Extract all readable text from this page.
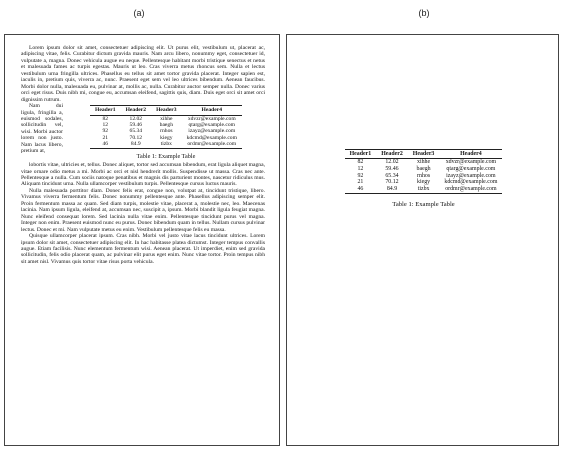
(a)	(b)

Lorem ipsum dolor sit amet, consectetuer adipiscing elit. Ut purus elit, vestibulum ut, placerat ac, adipiscing vitae, felis. Curabitur dictum gravida mauris. Nam arcu libero, nonummy eget, consectetuer id, vulputate a, magna. Donec vehicula augue eu neque. Pellentesque habitant morbi tristique senectus et netus et malesuada fames ac turpis egestas. Mauris ut leo. Cras viverra metus rhoncus sem. Nulla et lectus vestibulum urna fringilla ultrices. Phasellus eu tellus sit amet tortor gravida placerat. Integer sapien est, iaculis in, pretium quis, viverra ac, nunc. Praesent eget sem vel leo ultrices bibendum. Aenean faucibus. Morbi dolor nulla, malesuada eu, pulvinar at, mollis ac, nulla. Curabitur auctor semper nulla. Donec varius orci eget risus. Duis nibh mi, congue eu, accumsan eleifend, sagittis quis, diam. Duis eget orci sit amet orci dignissim rutrum.

Header1	Header2	Header3	Header4
82	12.02	xihhe	xdvzr@example.com
12	59.46	baegh	qtarg@example.com
92	65.34	rnhos	izayz@example.com
21	70.12	kiegy	kdcmd@example.com
46	84.9	tizbx	ordmr@example.com
Table 1: Example Table

Nam dui ligula, fringilla a, euismod sodales, sollicitudin vel, wisi. Morbi auctor lorem non justo. Nam lacus libero, pretium at,

lobortis vitae, ultricies et, tellus. Donec aliquet, tortor sed accumsan bibendum, erat ligula aliquet magna, vitae ornare odio metus a mi. Morbi ac orci et nisl hendrerit mollis. Suspendisse ut massa. Cras nec ante. Pellentesque a nulla. Cum sociis natoque penatibus et magnis dis parturient montes, nascetur ridiculus mus. Aliquam tincidunt urna. Nulla ullamcorper vestibulum turpis. Pellentesque cursus luctus mauris.

Nulla malesuada porttitor diam. Donec felis erat, congue non, volutpat at, tincidunt tristique, libero. Vivamus viverra fermentum felis. Donec nonummy pellentesque ante. Phasellus adipiscing semper elit. Proin fermentum massa ac quam. Sed diam turpis, molestie vitae, placerat a, molestie nec, leo. Maecenas lacinia. Nam ipsum ligula, eleifend at, accumsan nec, suscipit a, ipsum. Morbi blandit ligula feugiat magna. Nunc eleifend consequat lorem. Sed lacinia nulla vitae enim. Pellentesque tincidunt purus vel magna. Integer non enim. Praesent euismod nunc eu purus. Donec bibendum quam in tellus. Nullam cursus pulvinar lectus. Donec et mi. Nam vulputate metus eu enim. Vestibulum pellentesque felis eu massa.

Quisque ullamcorper placerat ipsum. Cras nibh. Morbi vel justo vitae lacus tincidunt ultrices. Lorem ipsum dolor sit amet, consectetuer adipiscing elit. In hac habitasse platea dictumst. Integer tempus convallis augue. Etiam facilisis. Nunc elementum fermentum wisi. Aenean placerat. Ut imperdiet, enim sed gravida sollicitudin, felis odio placerat quam, ac pulvinar elit purus eget enim. Nunc vitae tortor. Proin tempus nibh sit amet nisl. Vivamus quis tortor vitae risus porta vehicula.

Header1	Header2	Header3	Header4
82	12.02	xihhe	xdvzr@example.com
12	59.46	baegh	qtarg@example.com
92	65.34	rnhos	izayz@example.com
21	70.12	kiegy	kdcmd@example.com
46	84.9	tizbx	ordmr@example.com
Table 1: Example Table
